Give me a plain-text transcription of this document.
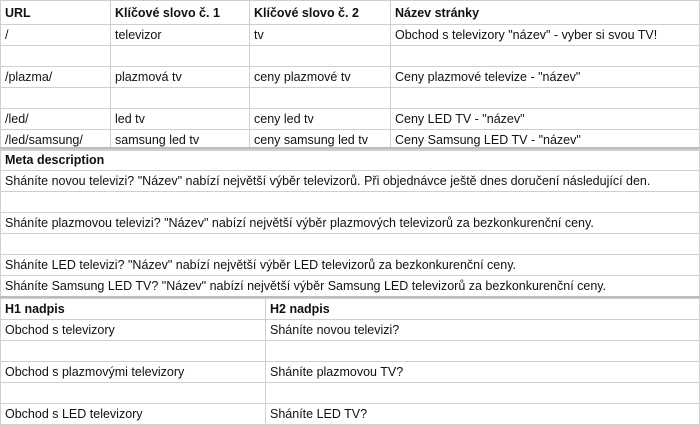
URL	Klíčové slovo č. 1	Klíčové slovo č. 2	Název stránky
/	televizor	tv	Obchod s televizory "název" - vyber si svou TV!

/plazma/	plazmová tv	ceny plazmové tv	Ceny plazmové televize - "název"

/led/	led tv	ceny led tv	Ceny LED TV - "název"
/led/samsung/	samsung led tv	ceny samsung led tv	Ceny Samsung LED TV - "název"
Meta description
Sháníte novou televizi? "Název" nabízí největší výběr televizorů. Při objednávce ještě dnes doručení následující den.

Sháníte plazmovou televizi? "Název" nabízí největší výběr plazmových televizorů za bezkonkurenční ceny.

Sháníte LED televizi? "Název" nabízí největší výběr LED televizorů za bezkonkurenční ceny.
Sháníte Samsung LED TV? "Název" nabízí největší výběr Samsung LED televizorů za bezkonkurenční ceny.
H1 nadpis	H2 nadpis
Obchod s televizory	Sháníte novou televizi?

Obchod s plazmovými televizory	Sháníte plazmovou TV?

Obchod s LED televizory	Sháníte LED TV?
